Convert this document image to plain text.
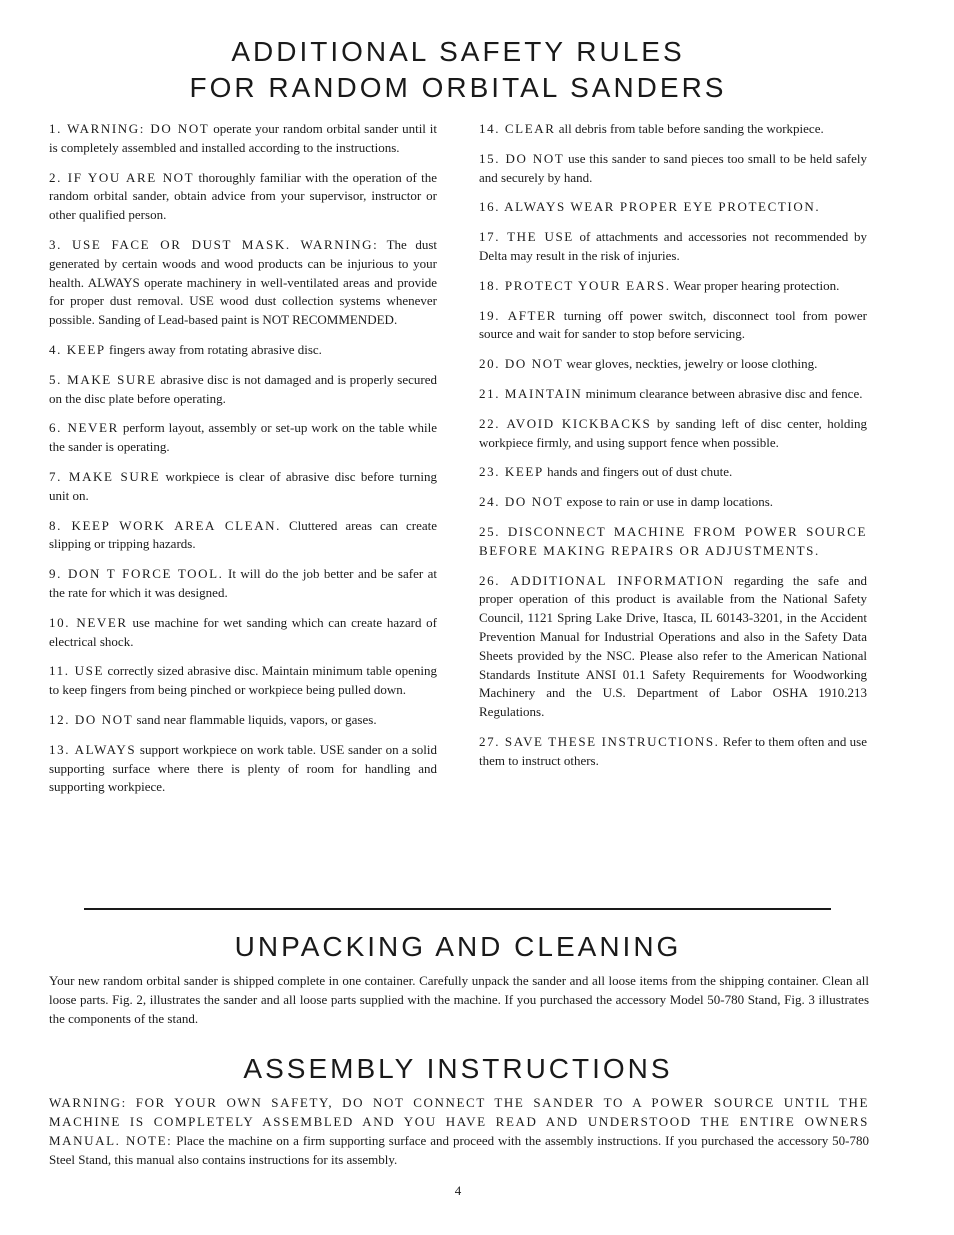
ADDITIONAL SAFETY RULES
FOR RANDOM ORBITAL SANDERS

1. WARNING: DO NOT operate your random orbital sander until it is completely assembled and installed according to the instructions.

2. IF YOU ARE NOT thoroughly familiar with the operation of the random orbital sander, obtain advice from your supervisor, instructor or other qualified person.

3. USE FACE OR DUST MASK. WARNING: The dust generated by certain woods and wood products can be injurious to your health. ALWAYS operate machinery in well-ventilated areas and provide for proper dust removal. USE wood dust collection systems whenever possible. Sanding of Lead-based paint is NOT RECOMMENDED.

4. KEEP fingers away from rotating abrasive disc.

5. MAKE SURE abrasive disc is not damaged and is properly secured on the disc plate before operating.

6. NEVER perform layout, assembly or set-up work on the table while the sander is operating.

7. MAKE SURE workpiece is clear of abrasive disc before turning unit on.

8. KEEP WORK AREA CLEAN. Cluttered areas can create slipping or tripping hazards.

9. DON T FORCE TOOL. It will do the job better and be safer at the rate for which it was designed.

10. NEVER use machine for wet sanding which can create hazard of electrical shock.

11. USE correctly sized abrasive disc. Maintain minimum table opening to keep fingers from being pinched or workpiece being pulled down.

12. DO NOT sand near flammable liquids, vapors, or gases.

13. ALWAYS support workpiece on work table. USE sander on a solid supporting surface where there is plenty of room for handling and supporting workpiece.

14. CLEAR all debris from table before sanding the workpiece.

15. DO NOT use this sander to sand pieces too small to be held safely and securely by hand.

16. ALWAYS WEAR PROPER EYE PROTECTION.

17. THE USE of attachments and accessories not recommended by Delta may result in the risk of injuries.

18. PROTECT YOUR EARS. Wear proper hearing protection.

19. AFTER turning off power switch, disconnect tool from power source and wait for sander to stop before servicing.

20. DO NOT wear gloves, neckties, jewelry or loose clothing.

21. MAINTAIN minimum clearance between abrasive disc and fence.

22. AVOID KICKBACKS by sanding left of disc center, holding workpiece firmly, and using support fence when possible.

23. KEEP hands and fingers out of dust chute.

24. DO NOT expose to rain or use in damp locations.

25. DISCONNECT MACHINE FROM POWER SOURCE BEFORE MAKING REPAIRS OR ADJUSTMENTS.

26. ADDITIONAL INFORMATION regarding the safe and proper operation of this product is available from the National Safety Council, 1121 Spring Lake Drive, Itasca, IL 60143-3201, in the Accident Prevention Manual for Industrial Operations and also in the Safety Data Sheets provided by the NSC. Please also refer to the American National Standards Institute ANSI 01.1 Safety Requirements for Woodworking Machinery and the U.S. Department of Labor OSHA 1910.213 Regulations.

27. SAVE THESE INSTRUCTIONS. Refer to them often and use them to instruct others.

UNPACKING AND CLEANING

Your new random orbital sander is shipped complete in one container. Carefully unpack the sander and all loose items from the shipping container. Clean all loose parts. Fig. 2, illustrates the sander and all loose parts supplied with the machine. If you purchased the accessory Model 50-780 Stand, Fig. 3 illustrates the components of the stand.

ASSEMBLY INSTRUCTIONS

WARNING: FOR YOUR OWN SAFETY, DO NOT CONNECT THE SANDER TO A POWER SOURCE UNTIL THE MACHINE IS COMPLETELY ASSEMBLED AND YOU HAVE READ AND UNDERSTOOD THE ENTIRE OWNERS MANUAL. NOTE: Place the machine on a firm supporting surface and proceed with the assembly instructions. If you purchased the accessory 50-780 Steel Stand, this manual also contains instructions for its assembly.

4
